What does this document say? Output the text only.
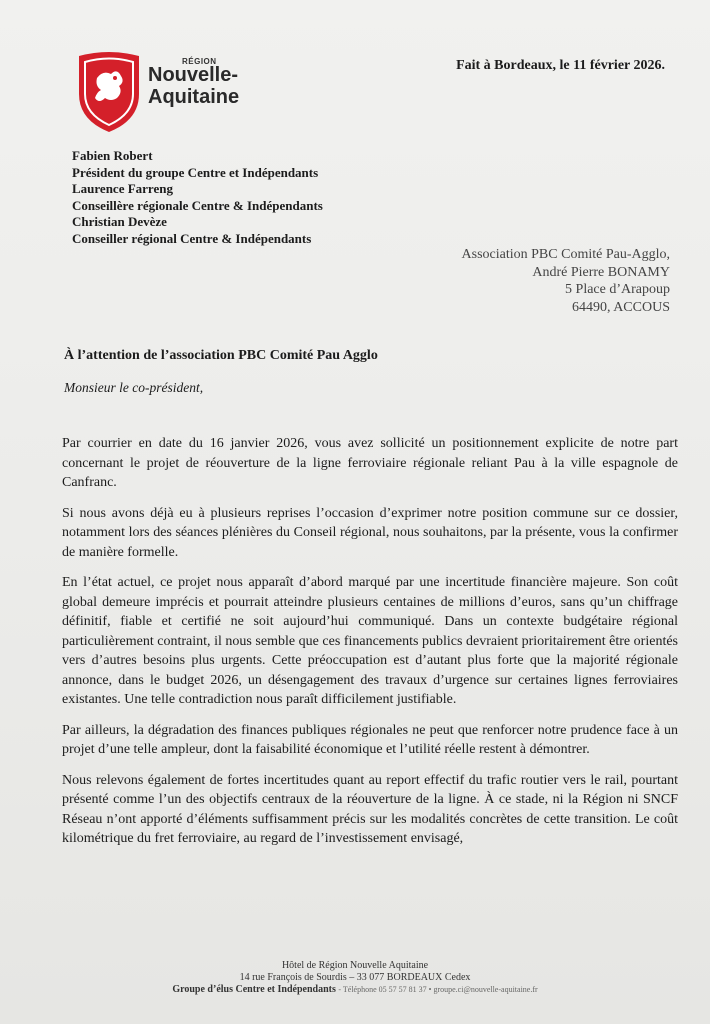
RÉGION
Nouvelle-
Aquitaine
Fait à Bordeaux, le 11 février 2026.
Fabien Robert
Président du groupe Centre et Indépendants
Laurence Farreng
Conseillère régionale Centre & Indépendants
Christian Devèze
Conseiller régional Centre & Indépendants
Association PBC Comité Pau-Agglo,
André Pierre BONAMY
5 Place d’Arapoup
64490, ACCOUS
À l’attention de l’association PBC Comité Pau Agglo
Monsieur le co-président,

Par courrier en date du 16 janvier 2026, vous avez sollicité un positionnement explicite de notre part concernant le projet de réouverture de la ligne ferroviaire régionale reliant Pau à la ville espagnole de Canfranc.

Si nous avons déjà eu à plusieurs reprises l’occasion d’exprimer notre position commune sur ce dossier, notamment lors des séances plénières du Conseil régional, nous souhaitons, par la présente, vous la confirmer de manière formelle.

En l’état actuel, ce projet nous apparaît d’abord marqué par une incertitude financière majeure. Son coût global demeure imprécis et pourrait atteindre plusieurs centaines de millions d’euros, sans qu’un chiffrage définitif, fiable et certifié ne soit aujourd’hui communiqué. Dans un contexte budgétaire régional particulièrement contraint, il nous semble que ces financements publics devraient prioritairement être orientés vers d’autres besoins plus urgents. Cette préoccupation est d’autant plus forte que la majorité régionale annonce, dans le budget 2026, un désengagement des travaux d’urgence sur certaines lignes ferroviaires existantes. Une telle contradiction nous paraît difficilement justifiable.

Par ailleurs, la dégradation des finances publiques régionales ne peut que renforcer notre prudence face à un projet d’une telle ampleur, dont la faisabilité économique et l’utilité réelle restent à démontrer.

Nous relevons également de fortes incertitudes quant au report effectif du trafic routier vers le rail, pourtant présenté comme l’un des objectifs centraux de la réouverture de la ligne. À ce stade, ni la Région ni SNCF Réseau n’ont apporté d’éléments suffisamment précis sur les modalités concrètes de cette transition. Le coût kilométrique du fret ferroviaire, au regard de l’investissement envisagé,

Hôtel de Région Nouvelle Aquitaine
14 rue François de Sourdis – 33 077 BORDEAUX Cedex
Groupe d’élus Centre et Indépendants - Téléphone 05 57 57 81 37 • groupe.ci@nouvelle-aquitaine.fr
